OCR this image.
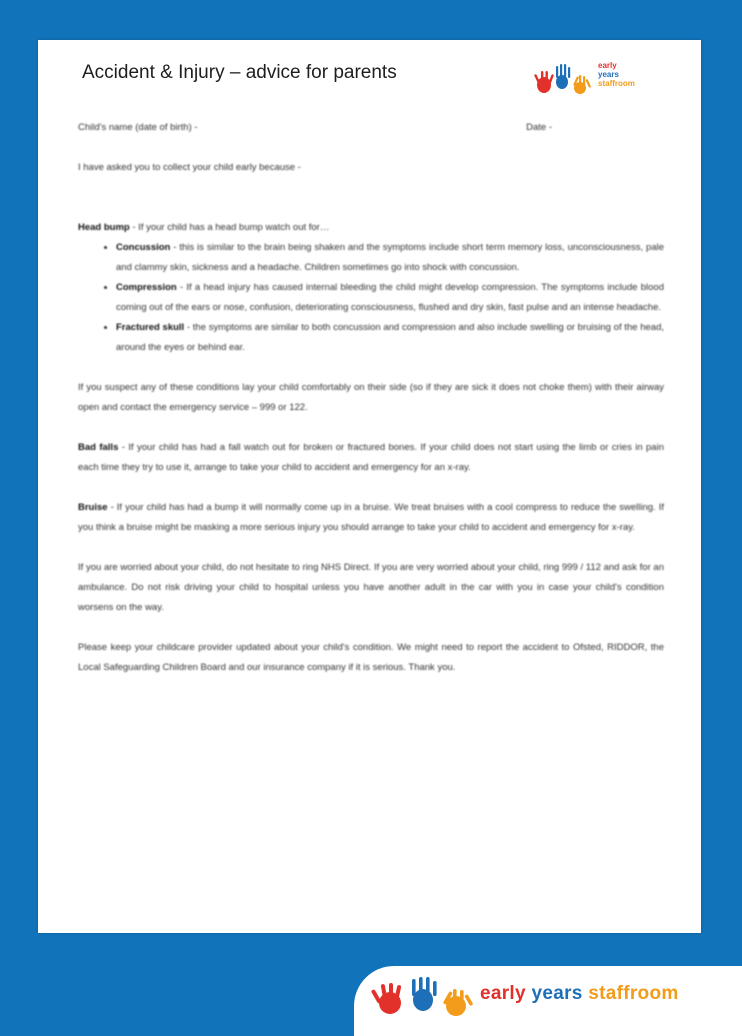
Accident & Injury – advice for parents	early
years
staffroom
Child's name (date of birth) -	Date -

I have asked you to collect your child early because -

Head bump - If your child has a head bump watch out for…
• Concussion - this is similar to the brain being shaken and the symptoms include short term memory loss, unconsciousness, pale and clammy skin, sickness and a headache. Children sometimes go into shock with concussion.
• Compression - If a head injury has caused internal bleeding the child might develop compression. The symptoms include blood coming out of the ears or nose, confusion, deteriorating consciousness, flushed and dry skin, fast pulse and an intense headache.
• Fractured skull - the symptoms are similar to both concussion and compression and also include swelling or bruising of the head, around the eyes or behind ear.

If you suspect any of these conditions lay your child comfortably on their side (so if they are sick it does not choke them) with their airway open and contact the emergency service – 999 or 122.

Bad falls - If your child has had a fall watch out for broken or fractured bones. If your child does not start using the limb or cries in pain each time they try to use it, arrange to take your child to accident and emergency for an x-ray.

Bruise - If your child has had a bump it will normally come up in a bruise. We treat bruises with a cool compress to reduce the swelling. If you think a bruise might be masking a more serious injury you should arrange to take your child to accident and emergency for x-ray.

If you are worried about your child, do not hesitate to ring NHS Direct. If you are very worried about your child, ring 999 / 112 and ask for an ambulance. Do not risk driving your child to hospital unless you have another adult in the car with you in case your child's condition worsens on the way.

Please keep your childcare provider updated about your child's condition. We might need to report the accident to Ofsted, RIDDOR, the Local Safeguarding Children Board and our insurance company if it is serious. Thank you.

early years staffroom
